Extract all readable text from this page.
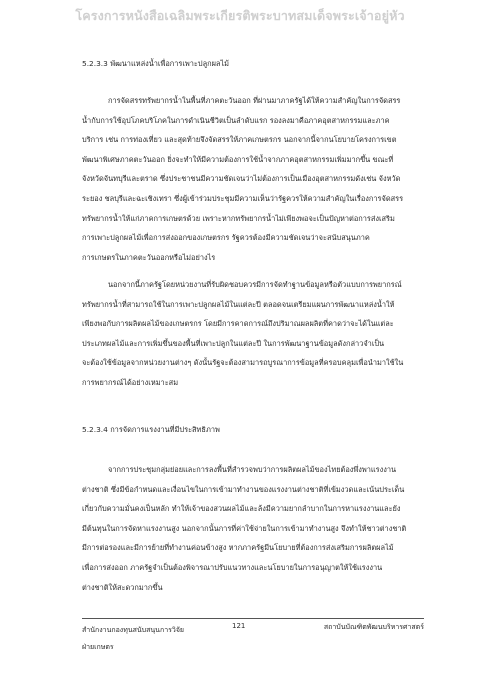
โครงการหนังสือเฉลิมพระเกียรติพระบาทสมเด็จพระเจ้าอยู่หัว
5.2.3.3 พัฒนาแหล่งน้ำเพื่อการเพาะปลูกผลไม้
การจัดสรรทรัพยากรน้ำในพื้นที่ภาคตะวันออก ที่ผ่านมาภาครัฐได้ให้ความสำคัญในการจัดสรร
น้ำกับการใช้อุปโภคบริโภคในการดำเนินชีวิตเป็นลำดับแรก รองลงมาคือภาคอุตสาหกรรมและภาค
บริการ เช่น การท่องเที่ยว และสุดท้ายจึงจัดสรรให้ภาคเกษตรกร นอกจากนี้จากนโยบายโครงการเขต
พัฒนาพิเศษภาคตะวันออก ยิ่งจะทำให้มีความต้องการใช้น้ำจากภาคอุตสาหกรรมเพิ่มมากขึ้น ขณะที่
จังหวัดจันทบุรีและตราด ซึ่งประชาชนมีความชัดเจนว่าไม่ต้องการเป็นเมืองอุตสาหกรรมดังเช่น จังหวัด
ระยอง ชลบุรีและฉะเชิงเทรา ซึ่งผู้เข้าร่วมประชุมมีความเห็นว่ารัฐควรให้ความสำคัญในเรื่องการจัดสรร
ทรัพยากรน้ำให้แก่ภาคการเกษตรด้วย เพราะหากทรัพยากรน้ำไม่เพียงพอจะเป็นปัญหาต่อการส่งเสริม
การเพาะปลูกผลไม้เพื่อการส่งออกของเกษตรกร รัฐควรต้องมีความชัดเจนว่าจะสนับสนุนภาค
การเกษตรในภาคตะวันออกหรือไม่อย่างไร
นอกจากนี้ภาครัฐโดยหน่วยงานที่รับผิดชอบควรมีการจัดทำฐานข้อมูลหรือตัวแบบการพยากรณ์
ทรัพยากรน้ำที่สามารถใช้ในการเพาะปลูกผลไม้ในแต่ละปี ตลอดจนเตรียมแผนการพัฒนาแหล่งน้ำให้
เพียงพอกับการผลิตผลไม้ของเกษตรกร โดยมีการคาดการณ์ถึงปริมาณผลผลิตที่คาดว่าจะได้ในแต่ละ
ประเภทผลไม้และการเพิ่มขึ้นของพื้นที่เพาะปลูกในแต่ละปี ในการพัฒนาฐานข้อมูลดังกล่าวจำเป็น
จะต้องใช้ข้อมูลจากหน่วยงานต่างๆ ดังนั้นรัฐจะต้องสามารถบูรณาการข้อมูลที่ครอบคลุมเพื่อนำมาใช้ใน
การพยากรณ์ได้อย่างเหมาะสม
5.2.3.4 การจัดการแรงงานที่มีประสิทธิภาพ
จากการประชุมกลุ่มย่อยและการลงพื้นที่สำรวจพบว่าการผลิตผลไม้ของไทยต้องพึ่งพาแรงงาน
ต่างชาติ ซึ่งมีข้อกำหนดและเงื่อนไขในการเข้ามาทำงานของแรงงานต่างชาติที่เข้มงวดและเน้นประเด็น
เกี่ยวกับความมั่นคงเป็นหลัก ทำให้เจ้าของสวนผลไม้และล้งมีความยากลำบากในการหาแรงงานและยัง
มีต้นทุนในการจัดหาแรงงานสูง นอกจากนั้นการที่ค่าใช้จ่ายในการเข้ามาทำงานสูง จึงทำให้ชาวต่างชาติ
มีการต่อรองและมีการย้ายที่ทำงานค่อนข้างสูง หากภาครัฐมีนโยบายที่ต้องการส่งเสริมการผลิตผลไม้
เพื่อการส่งออก ภาครัฐจำเป็นต้องพิจารณาปรับแนวทางและนโยบายในการอนุญาตให้ใช้แรงงาน
ต่างชาติให้สะดวกมากขึ้น
สำนักงานกองทุนสนับสนุนการวิจัย
ฝ่ายเกษตร
121	สถาบันบัณฑิตพัฒนบริหารศาสตร์
